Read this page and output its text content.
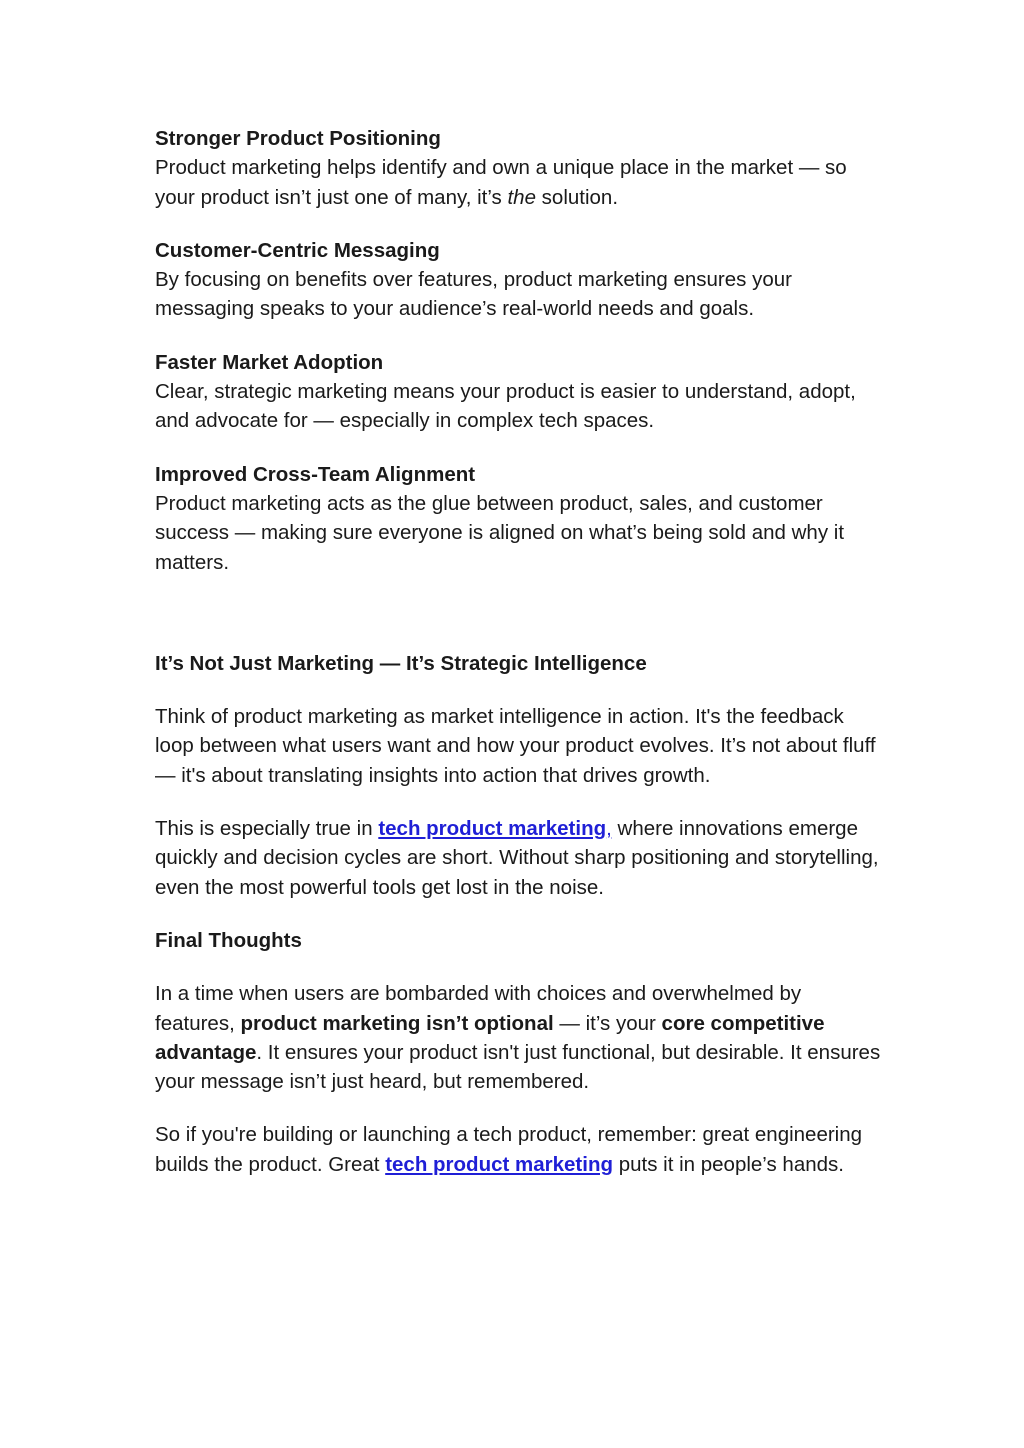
Stronger Product Positioning
Product marketing helps identify and own a unique place in the market — so your product isn’t just one of many, it’s the solution.
Customer-Centric Messaging
By focusing on benefits over features, product marketing ensures your messaging speaks to your audience’s real-world needs and goals.
Faster Market Adoption
Clear, strategic marketing means your product is easier to understand, adopt, and advocate for — especially in complex tech spaces.
Improved Cross-Team Alignment
Product marketing acts as the glue between product, sales, and customer success — making sure everyone is aligned on what’s being sold and why it matters.
It’s Not Just Marketing — It’s Strategic Intelligence

Think of product marketing as market intelligence in action. It's the feedback loop between what users want and how your product evolves. It’s not about fluff — it's about translating insights into action that drives growth.

This is especially true in tech product marketing, where innovations emerge quickly and decision cycles are short. Without sharp positioning and storytelling, even the most powerful tools get lost in the noise.

Final Thoughts

In a time when users are bombarded with choices and overwhelmed by features, product marketing isn’t optional — it’s your core competitive advantage. It ensures your product isn't just functional, but desirable. It ensures your message isn’t just heard, but remembered.

So if you're building or launching a tech product, remember: great engineering builds the product. Great tech product marketing puts it in people’s hands.
